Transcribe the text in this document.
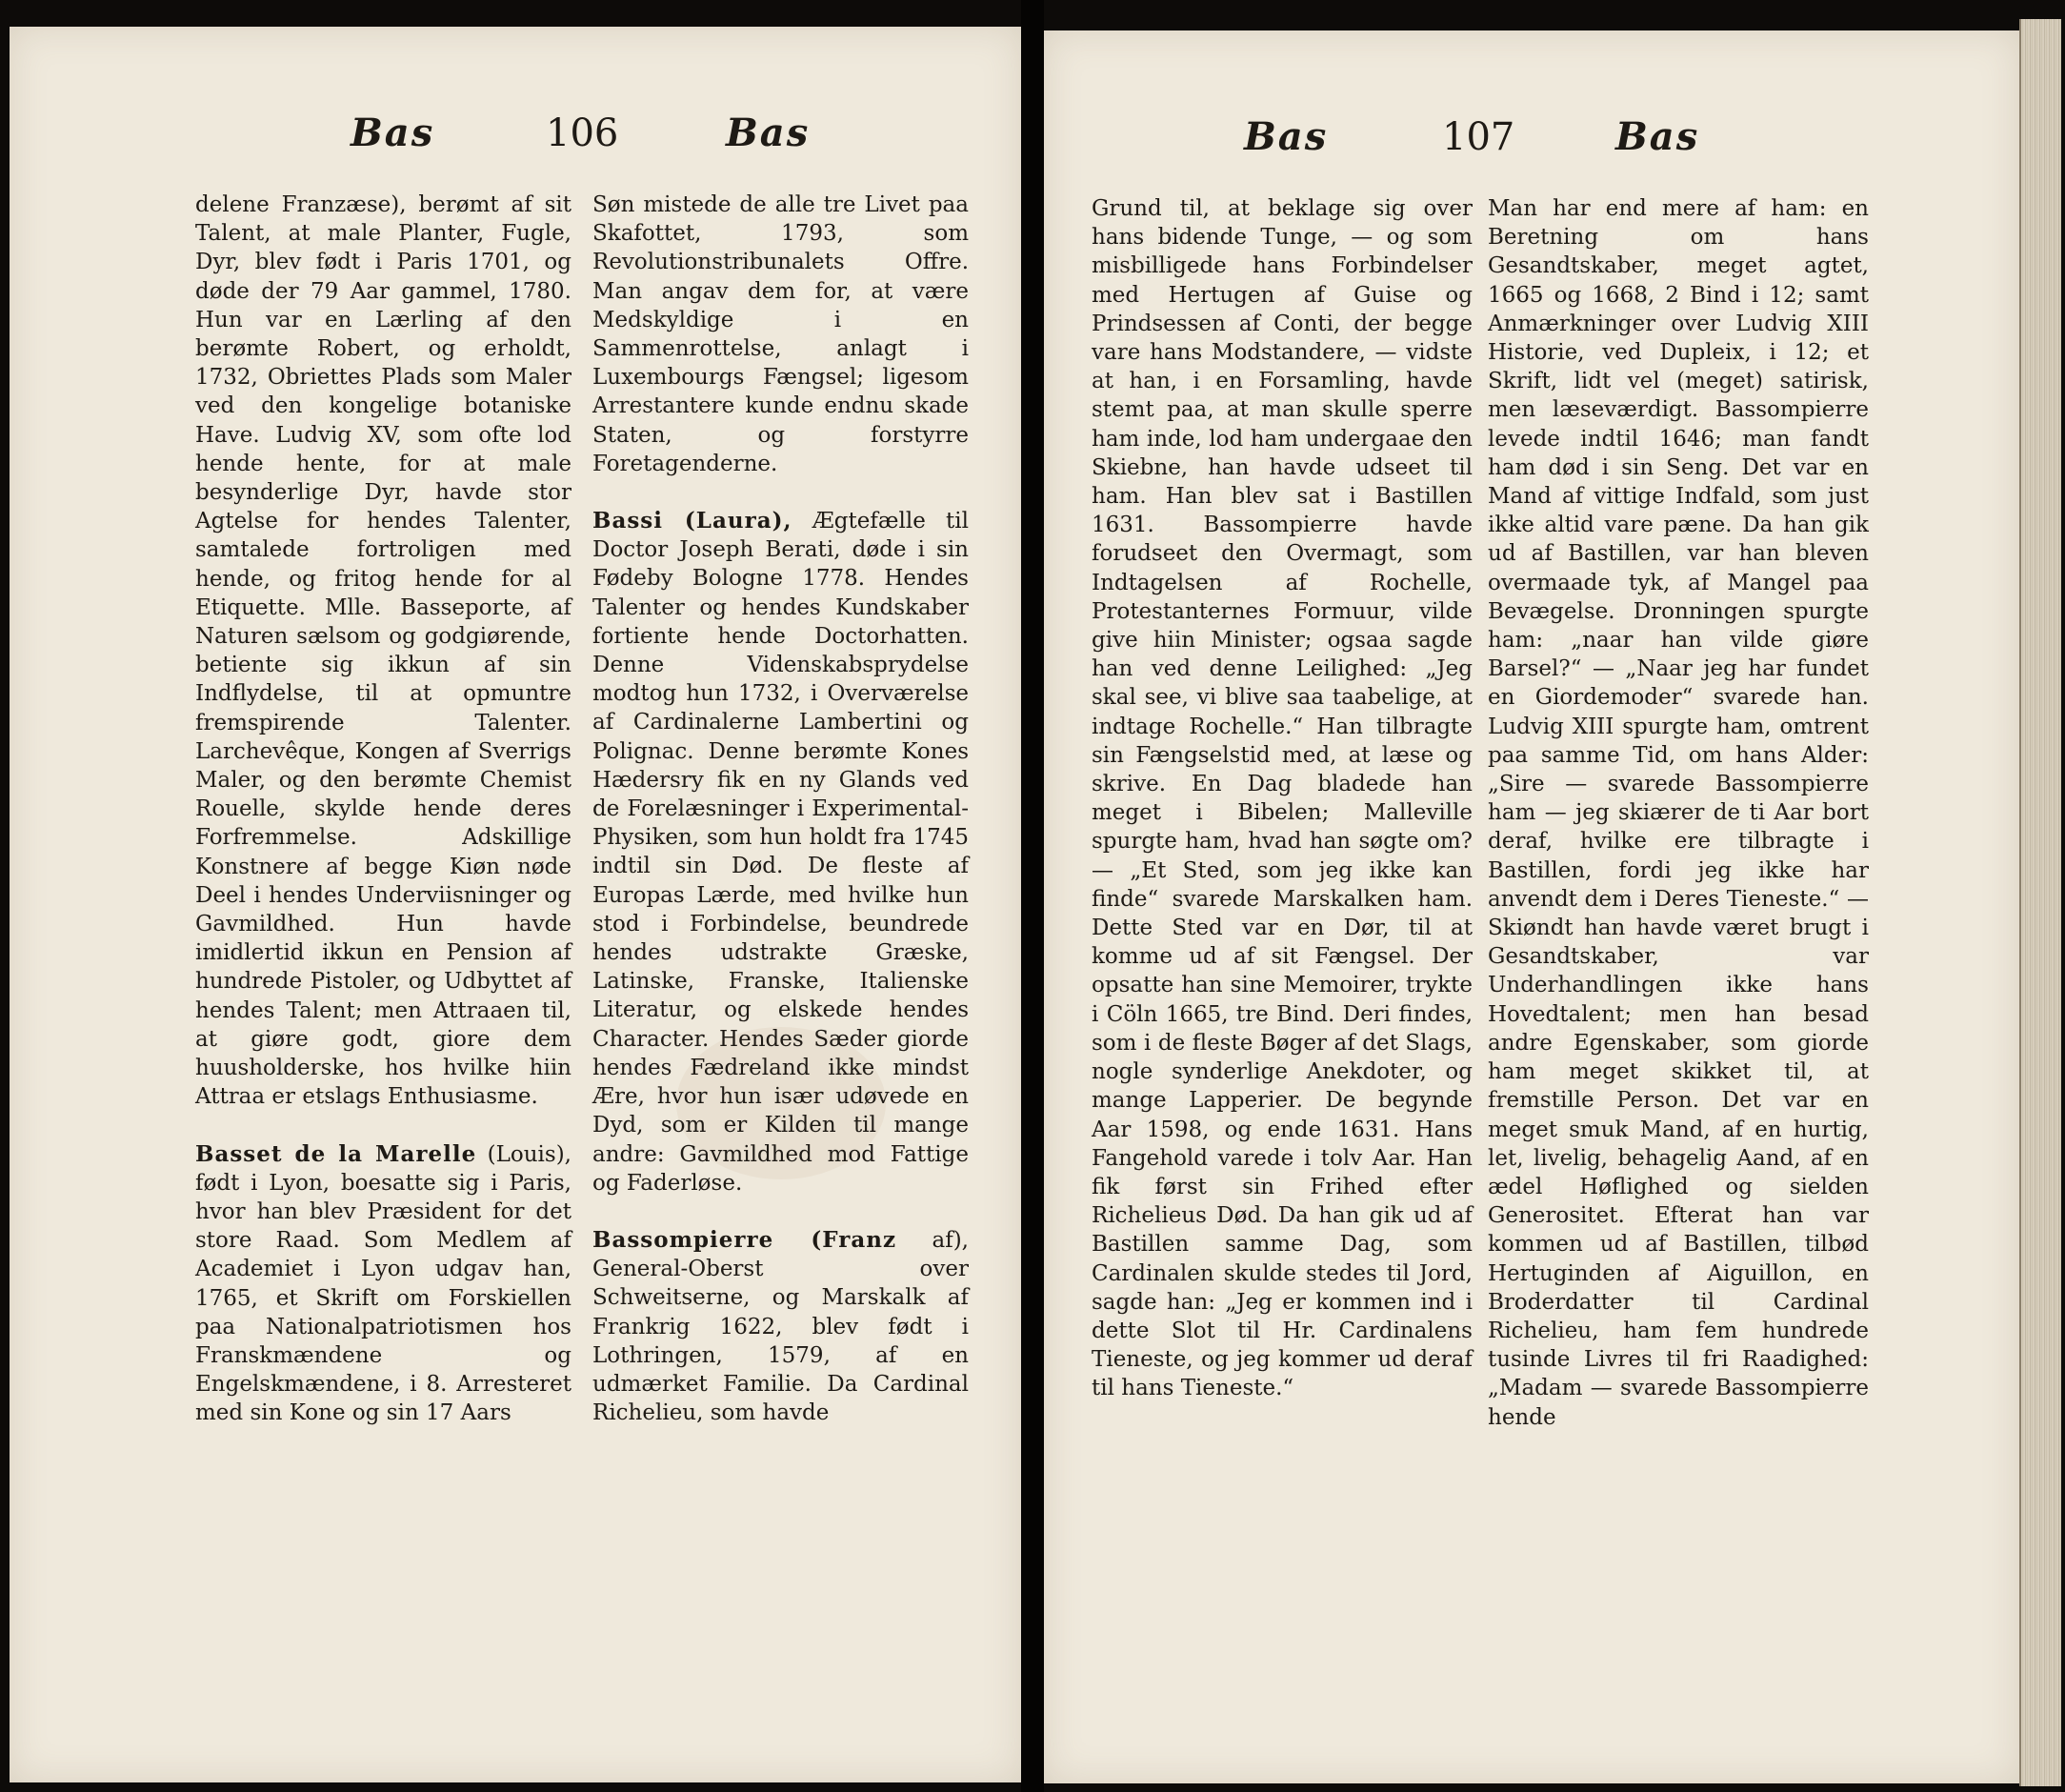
Bas	106	Bas

delene Franzæse), berømt af sit Talent, at male Planter, Fugle, Dyr, blev født i Paris 1701, og døde der 79 Aar gammel, 1780. Hun var en Lærling af den berømte Robert, og erholdt, 1732, Obriettes Plads som Maler ved den kongelige botaniske Have. Ludvig XV, som ofte lod hende hente, for at male besynderlige Dyr, havde stor Agtelse for hendes Talenter, samtalede fortroligen med hende, og fritog hende for al Etiquette. Mlle. Basseporte, af Naturen sælsom og godgiørende, betiente sig ikkun af sin Indflydelse, til at opmuntre fremspirende Talenter. Larchevêque, Kongen af Sverrigs Maler, og den berømte Chemist Rouelle, skylde hende deres Forfremmelse. Adskillige Konstnere af begge Kiøn nøde Deel i hendes Underviisninger og Gavmildhed. Hun havde imidlertid ikkun en Pension af hundrede Pistoler, og Udbyttet af hendes Talent; men Attraaen til, at giøre godt, giore dem huusholderske, hos hvilke hiin Attraa er etslags Enthusiasme.

Basset de la Marelle (Louis), født i Lyon, boesatte sig i Paris, hvor han blev Præsident for det store Raad. Som Medlem af Academiet i Lyon udgav han, 1765, et Skrift om Forskiellen paa Nationalpatriotismen hos Franskmændene og Engelskmændene, i 8. Arresteret med sin Kone og sin 17 Aars

Søn mistede de alle tre Livet paa Skafottet, 1793, som Revolutionstribunalets Offre. Man angav dem for, at være Medskyldige i en Sammenrottelse, anlagt i Luxembourgs Fængsel; ligesom Arrestantere kunde endnu skade Staten, og forstyrre Foretagenderne.

Bassi (Laura), Ægtefælle til Doctor Joseph Berati, døde i sin Fødeby Bologne 1778. Hendes Talenter og hendes Kundskaber fortiente hende Doctorhatten. Denne Videnskabsprydelse modtog hun 1732, i Overværelse af Cardinalerne Lambertini og Polignac. Denne berømte Kones Hædersry fik en ny Glands ved de Forelæsninger i Experimental-Physiken, som hun holdt fra 1745 indtil sin Død. De fleste af Europas Lærde, med hvilke hun stod i Forbindelse, beundrede hendes udstrakte Græske, Latinske, Franske, Italienske Literatur, og elskede hendes Character. Hendes Sæder giorde hendes Fædreland ikke mindst Ære, hvor hun især udøvede en Dyd, som er Kilden til mange andre: Gavmildhed mod Fattige og Faderløse.

Bassompierre (Franz af), General-Oberst over Schweitserne, og Marskalk af Frankrig 1622, blev født i Lothringen, 1579, af en udmærket Familie. Da Cardinal Richelieu, som havde

Bas	107	Bas

Grund til, at beklage sig over hans bidende Tunge, — og som misbilligede hans Forbindelser med Hertugen af Guise og Prindsessen af Conti, der begge vare hans Modstandere, — vidste at han, i en Forsamling, havde stemt paa, at man skulle sperre ham inde, lod ham undergaae den Skiebne, han havde udseet til ham. Han blev sat i Bastillen 1631. Bassompierre havde forudseet den Overmagt, som Indtagelsen af Rochelle, Protestanternes Formuur, vilde give hiin Minister; ogsaa sagde han ved denne Leilighed: „Jeg skal see, vi blive saa taabelige, at indtage Rochelle.“ Han tilbragte sin Fængselstid med, at læse og skrive. En Dag bladede han meget i Bibelen; Malleville spurgte ham, hvad han søgte om? — „Et Sted, som jeg ikke kan finde“ svarede Marskalken ham. Dette Sted var en Dør, til at komme ud af sit Fængsel. Der opsatte han sine Memoirer, trykte i Cöln 1665, tre Bind. Deri findes, som i de fleste Bøger af det Slags, nogle synderlige Anekdoter, og mange Lapperier. De begynde Aar 1598, og ende 1631. Hans Fangehold varede i tolv Aar. Han fik først sin Frihed efter Richelieus Død. Da han gik ud af Bastillen samme Dag, som Cardinalen skulde stedes til Jord, sagde han: „Jeg er kommen ind i dette Slot til Hr. Cardinalens Tieneste, og jeg kommer ud deraf til hans Tieneste.“

Man har end mere af ham: en Beretning om hans Gesandtskaber, meget agtet, 1665 og 1668, 2 Bind i 12; samt Anmærkninger over Ludvig XIII Historie, ved Dupleix, i 12; et Skrift, lidt vel (meget) satirisk, men læseværdigt. Bassompierre levede indtil 1646; man fandt ham død i sin Seng. Det var en Mand af vittige Indfald, som just ikke altid vare pæne. Da han gik ud af Bastillen, var han bleven overmaade tyk, af Mangel paa Bevægelse. Dronningen spurgte ham: „naar han vilde giøre Barsel?“ — „Naar jeg har fundet en Giordemoder“ svarede han. Ludvig XIII spurgte ham, omtrent paa samme Tid, om hans Alder: „Sire — svarede Bassompierre ham — jeg skiærer de ti Aar bort deraf, hvilke ere tilbragte i Bastillen, fordi jeg ikke har anvendt dem i Deres Tieneste.“ — Skiøndt han havde været brugt i Gesandtskaber, var Underhandlingen ikke hans Hovedtalent; men han besad andre Egenskaber, som giorde ham meget skikket til, at fremstille Person. Det var en meget smuk Mand, af en hurtig, let, livelig, behagelig Aand, af en ædel Høflighed og sielden Generositet. Efterat han var kommen ud af Bastillen, tilbød Hertuginden af Aiguillon, en Broderdatter til Cardinal Richelieu, ham fem hundrede tusinde Livres til fri Raadighed: „Madam — svarede Bassompierre hende
